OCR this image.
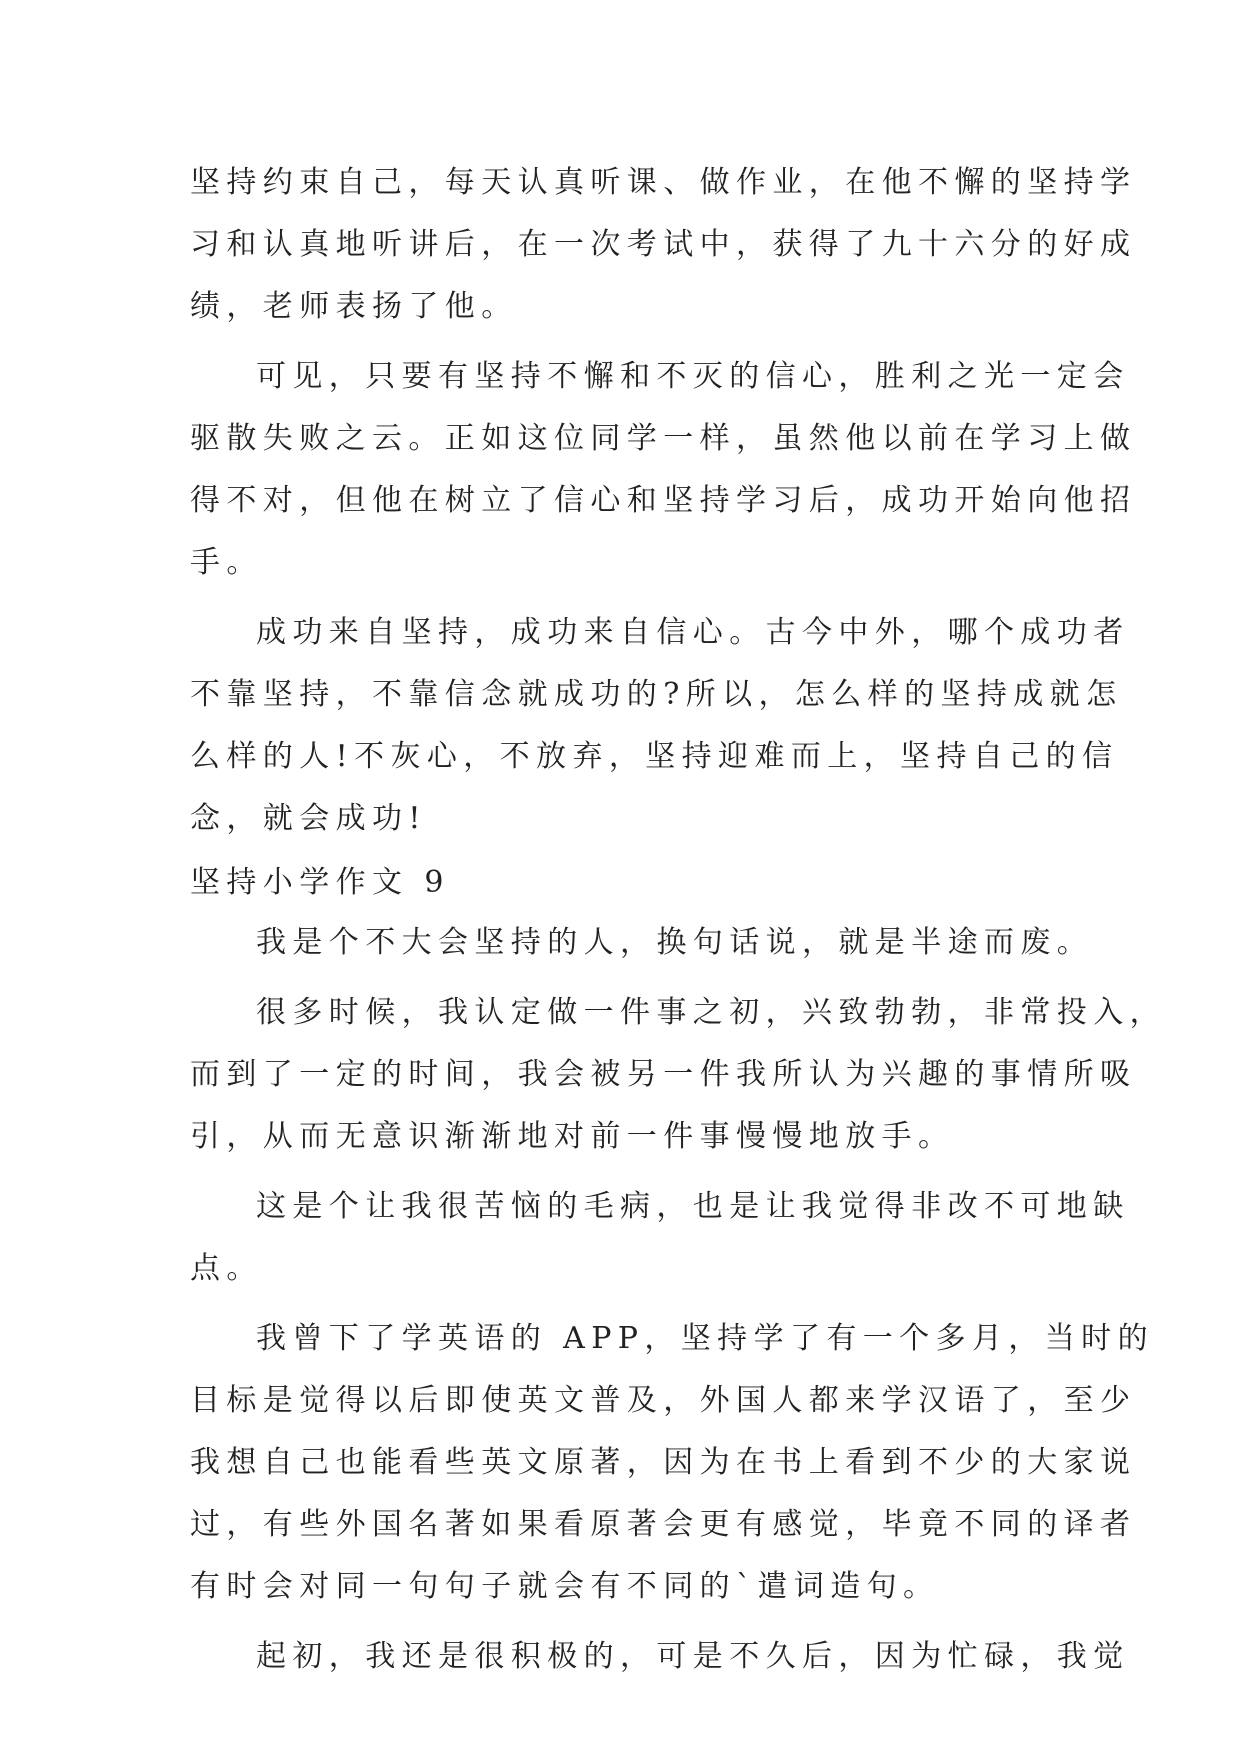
坚持约束自己，每天认真听课、做作业，在他不懈的坚持学
习和认真地听讲后，在一次考试中，获得了九十六分的好成
绩，老师表扬了他。

可见，只要有坚持不懈和不灭的信心，胜利之光一定会
驱散失败之云。正如这位同学一样，虽然他以前在学习上做
得不对，但他在树立了信心和坚持学习后，成功开始向他招
手。

成功来自坚持，成功来自信心。古今中外，哪个成功者
不靠坚持，不靠信念就成功的?所以，怎么样的坚持成就怎
么样的人!不灰心，不放弃，坚持迎难而上，坚持自己的信
念，就会成功!

坚持小学作文 9

我是个不大会坚持的人，换句话说，就是半途而废。

很多时候，我认定做一件事之初，兴致勃勃，非常投入，
而到了一定的时间，我会被另一件我所认为兴趣的事情所吸
引，从而无意识渐渐地对前一件事慢慢地放手。

这是个让我很苦恼的毛病，也是让我觉得非改不可地缺
点。

我曾下了学英语的 APP，坚持学了有一个多月，当时的
目标是觉得以后即使英文普及，外国人都来学汉语了，至少
我想自己也能看些英文原著，因为在书上看到不少的大家说
过，有些外国名著如果看原著会更有感觉，毕竟不同的译者
有时会对同一句句子就会有不同的`遣词造句。

起初，我还是很积极的，可是不久后，因为忙碌，我觉
